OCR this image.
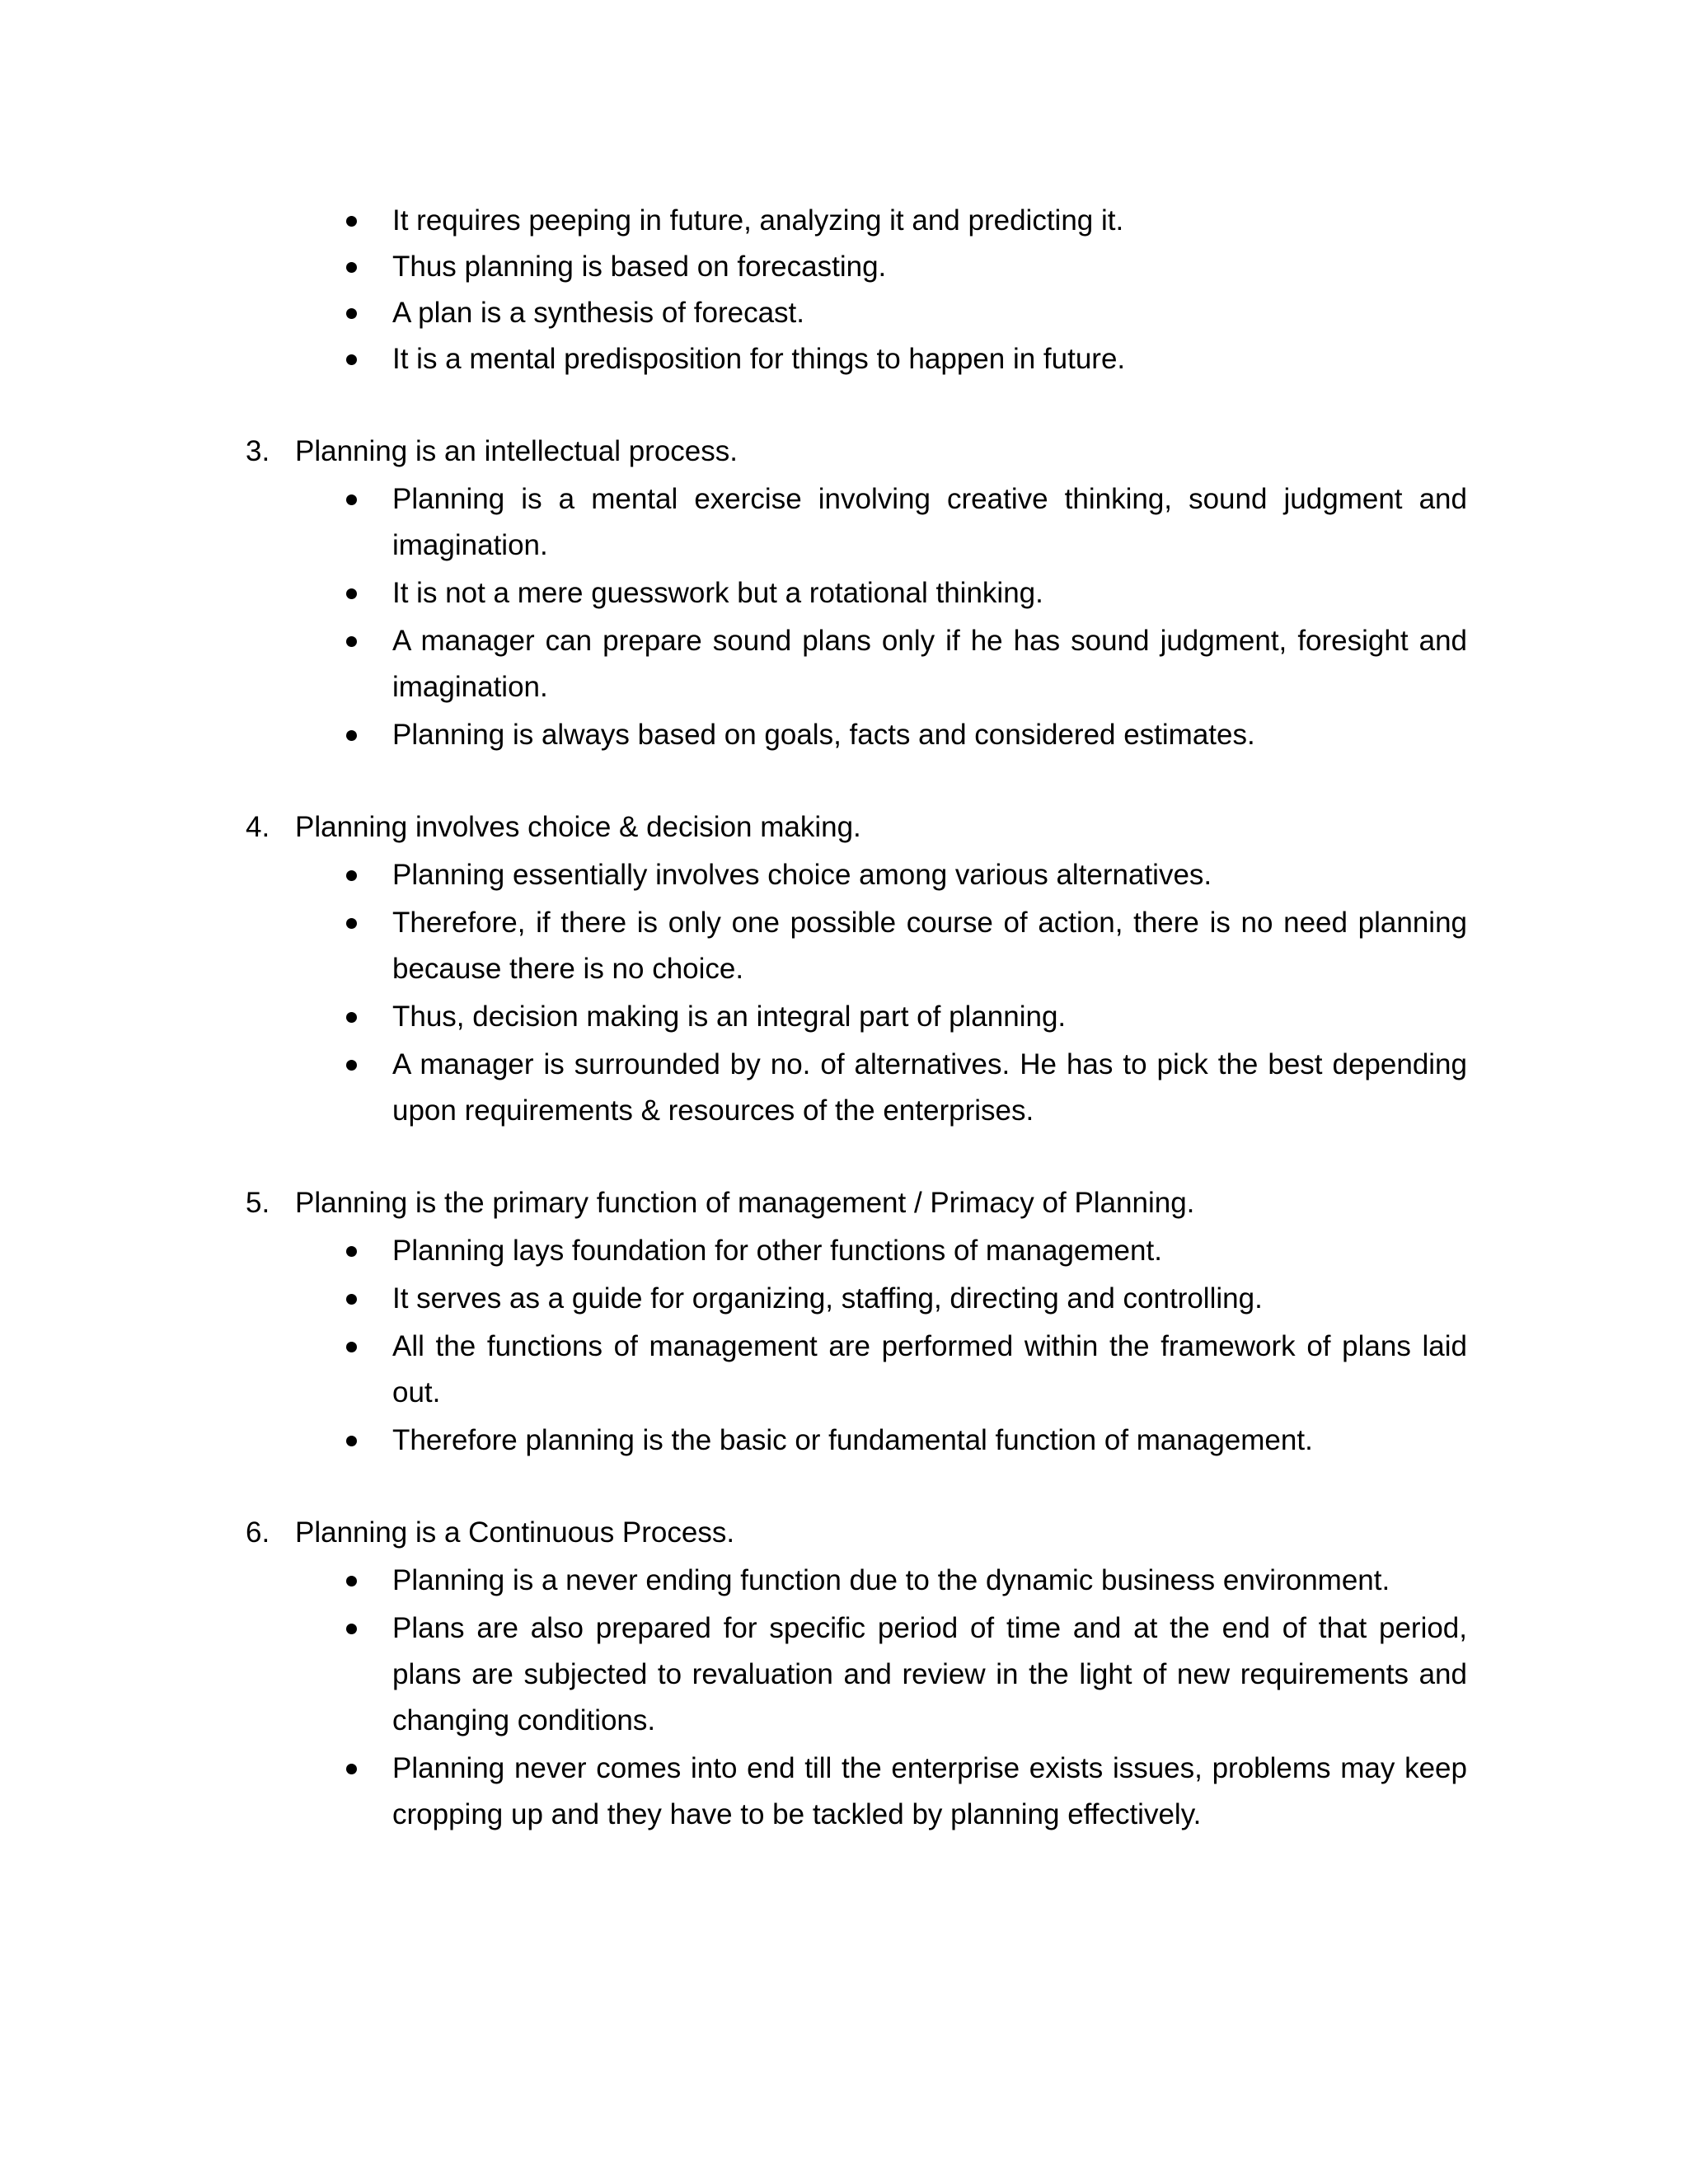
It requires peeping in future, analyzing it and predicting it.
Thus planning is based on forecasting.
A plan is a synthesis of forecast.
It is a mental predisposition for things to happen in future.
3. Planning is an intellectual process.
Planning is a mental exercise involving creative thinking, sound judgment and imagination.
It is not a mere guesswork but a rotational thinking.
A manager can prepare sound plans only if he has sound judgment, foresight and imagination.
Planning is always based on goals, facts and considered estimates.
4. Planning involves choice & decision making.
Planning essentially involves choice among various alternatives.
Therefore, if there is only one possible course of action, there is no need planning because there is no choice.
Thus, decision making is an integral part of planning.
A manager is surrounded by no. of alternatives. He has to pick the best depending upon requirements & resources of the enterprises.
5. Planning is the primary function of management / Primacy of Planning.
Planning lays foundation for other functions of management.
It serves as a guide for organizing, staffing, directing and controlling.
All the functions of management are performed within the framework of plans laid out.
Therefore planning is the basic or fundamental function of management.
6. Planning is a Continuous Process.
Planning is a never ending function due to the dynamic business environment.
Plans are also prepared for specific period of time and at the end of that period, plans are subjected to revaluation and review in the light of new requirements and changing conditions.
Planning never comes into end till the enterprise exists issues, problems may keep cropping up and they have to be tackled by planning effectively.
